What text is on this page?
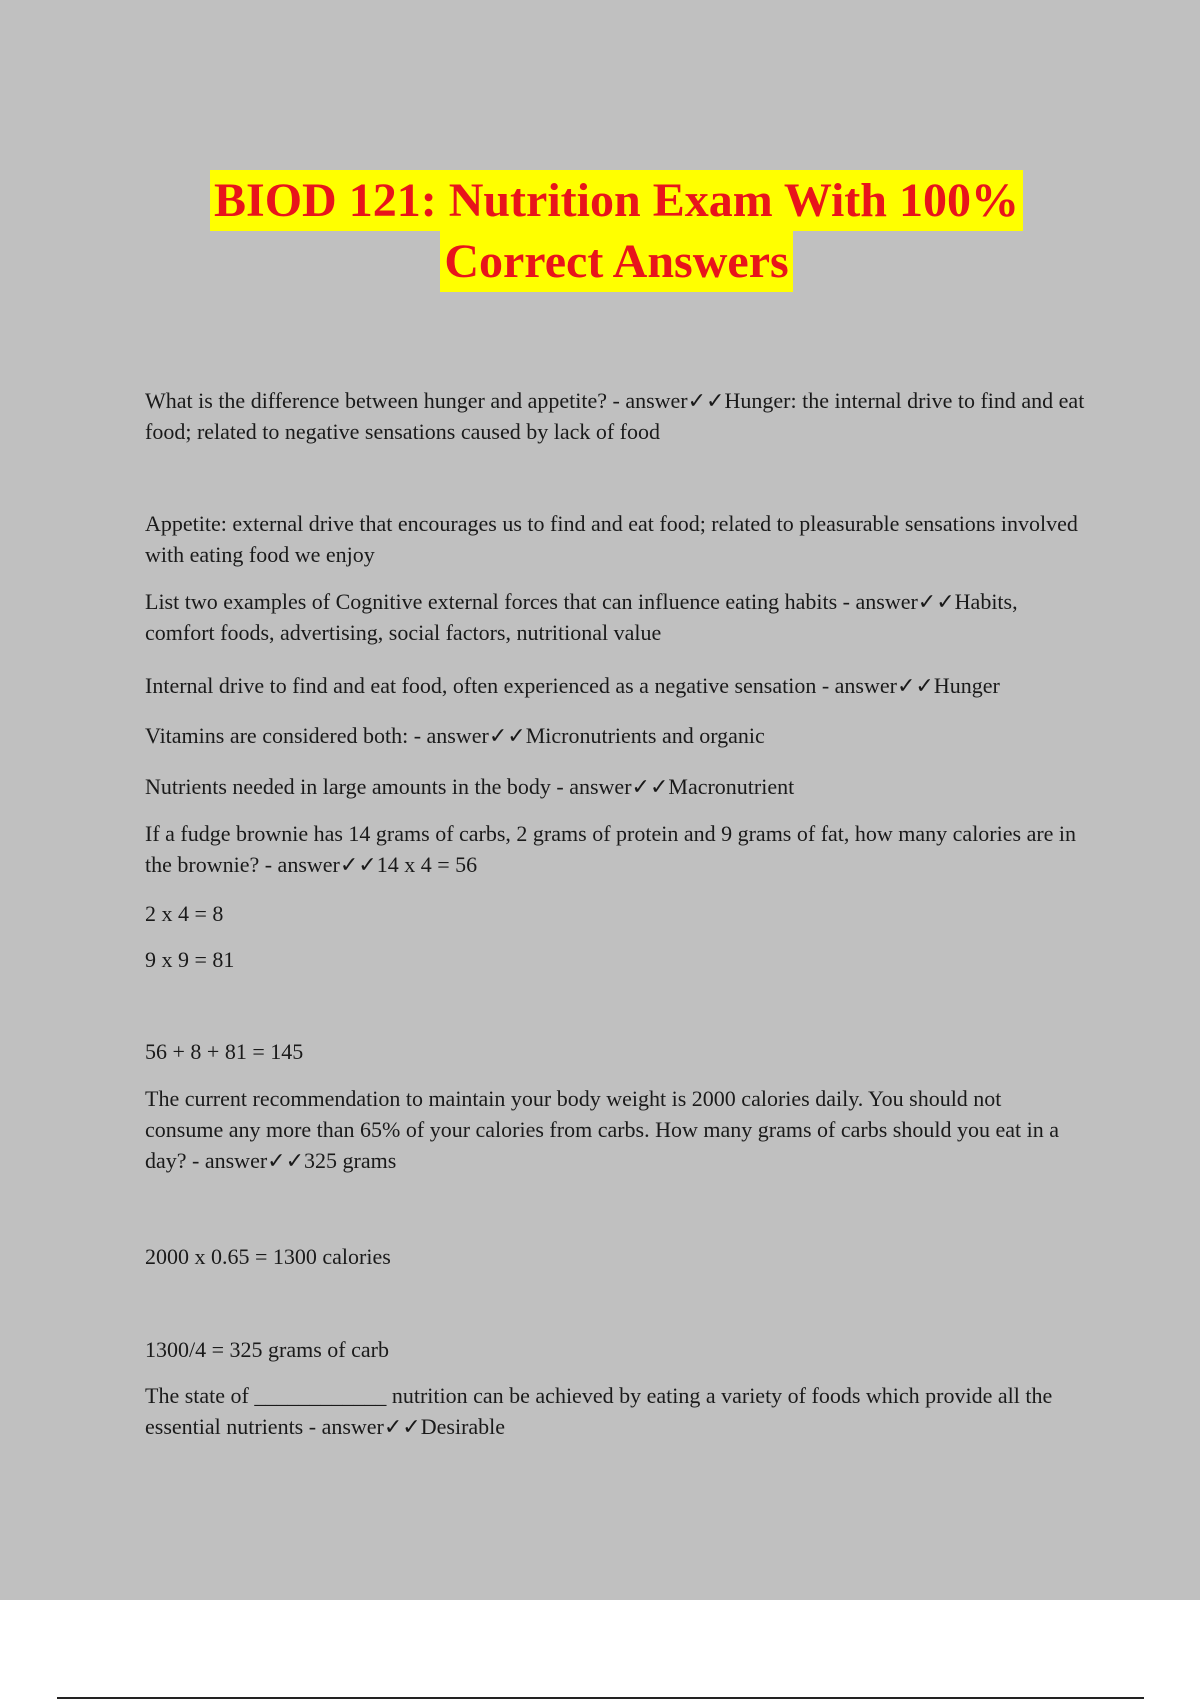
BIOD 121: Nutrition Exam With 100%
Correct Answers

What is the difference between hunger and appetite? - answer✓✓Hunger: the internal drive to find and eat food; related to negative sensations caused by lack of food

Appetite: external drive that encourages us to find and eat food; related to pleasurable sensations involved with eating food we enjoy

List two examples of Cognitive external forces that can influence eating habits - answer✓✓Habits, comfort foods, advertising, social factors, nutritional value

Internal drive to find and eat food, often experienced as a negative sensation - answer✓✓Hunger

Vitamins are considered both: - answer✓✓Micronutrients and organic

Nutrients needed in large amounts in the body - answer✓✓Macronutrient

If a fudge brownie has 14 grams of carbs, 2 grams of protein and 9 grams of fat, how many calories are in the brownie? - answer✓✓14 x 4 = 56

2 x 4 = 8

9 x 9 = 81

56 + 8 + 81 = 145

The current recommendation to maintain your body weight is 2000 calories daily. You should not consume any more than 65% of your calories from carbs. How many grams of carbs should you eat in a day? - answer✓✓325 grams

2000 x 0.65 = 1300 calories

1300/4 = 325 grams of carb

The state of ____________ nutrition can be achieved by eating a variety of foods which provide all the essential nutrients - answer✓✓Desirable
